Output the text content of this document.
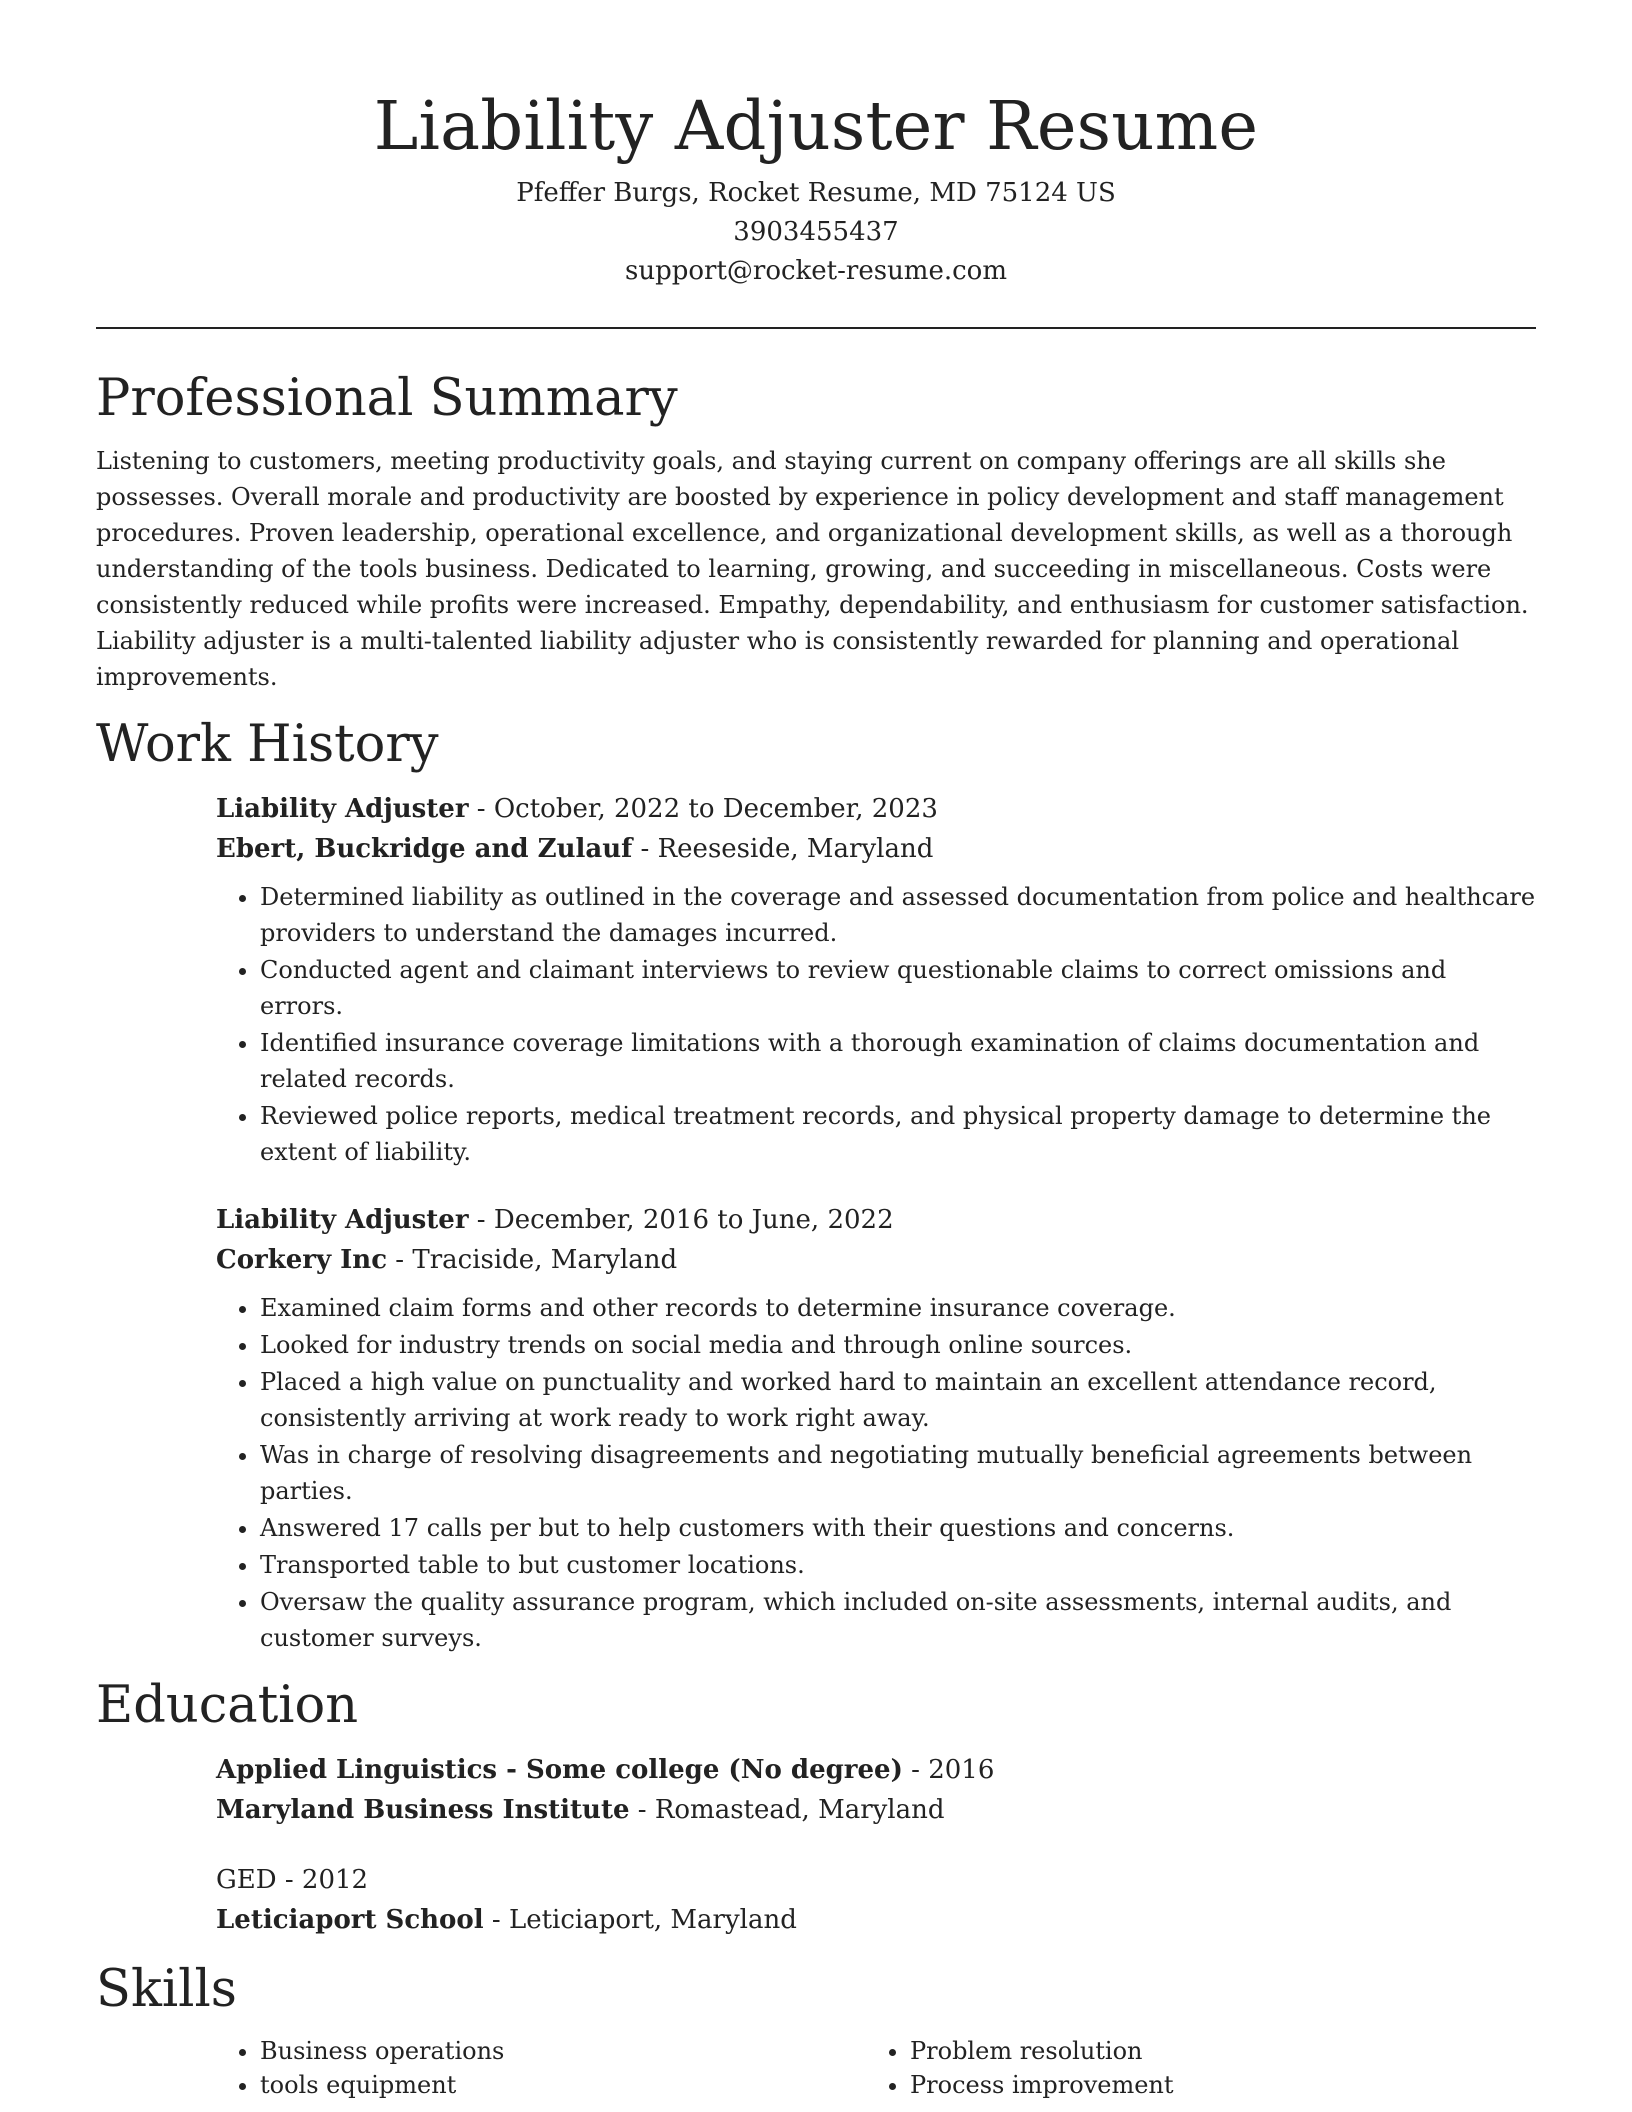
Liability Adjuster Resume
Pfeffer Burgs, Rocket Resume, MD 75124 US
3903455437
support@rocket-resume.com
Professional Summary

Listening to customers, meeting productivity goals, and staying current on company offerings are all skills she possesses. Overall morale and productivity are boosted by experience in policy development and staff management procedures. Proven leadership, operational excellence, and organizational development skills, as well as a thorough understanding of the tools business. Dedicated to learning, growing, and succeeding in miscellaneous. Costs were consistently reduced while profits were increased. Empathy, dependability, and enthusiasm for customer satisfaction. Liability adjuster is a multi-talented liability adjuster who is consistently rewarded for planning and operational improvements.

Work History
Liability Adjuster - October, 2022 to December, 2023
Ebert, Buckridge and Zulauf - Reeseside, Maryland
• Determined liability as outlined in the coverage and assessed documentation from police and healthcare providers to understand the damages incurred.
• Conducted agent and claimant interviews to review questionable claims to correct omissions and errors.
• Identified insurance coverage limitations with a thorough examination of claims documentation and related records.
• Reviewed police reports, medical treatment records, and physical property damage to determine the extent of liability.
Liability Adjuster - December, 2016 to June, 2022
Corkery Inc - Traciside, Maryland
• Examined claim forms and other records to determine insurance coverage.
• Looked for industry trends on social media and through online sources.
• Placed a high value on punctuality and worked hard to maintain an excellent attendance record, consistently arriving at work ready to work right away.
• Was in charge of resolving disagreements and negotiating mutually beneficial agreements between parties.
• Answered 17 calls per but to help customers with their questions and concerns.
• Transported table to but customer locations.
• Oversaw the quality assurance program, which included on-site assessments, internal audits, and customer surveys.
Education
Applied Linguistics - Some college (No degree) - 2016
Maryland Business Institute - Romastead, Maryland
GED - 2012
Leticiaport School - Leticiaport, Maryland
Skills
• Business operations
• tools equipment
• Problem resolution
• Process improvement
